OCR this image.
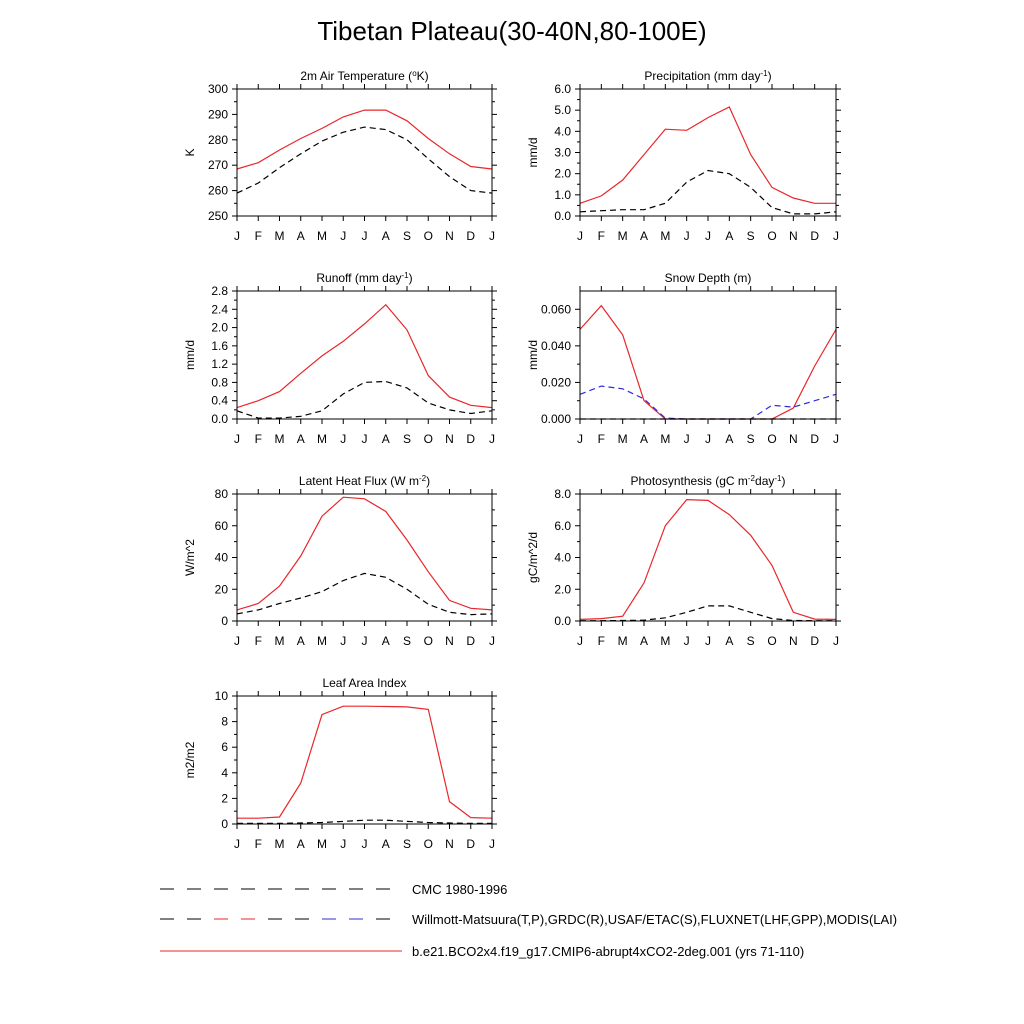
Tibetan Plateau(30-40N,80-100E)
2m Air Temperature ($^o$K)
K
250
260
270
280
290
300
J F M A M J J A S O N D J
Precipitation (mm day$^{-1}$)
mm/d
0.0
1.0
2.0
3.0
4.0
5.0
6.0
J F M A M J J A S O N D J
Runoff (mm day$^{-1}$)
mm/d
0.0
0.4
0.8
1.2
1.6
2.0
2.4
2.8
J F M A M J J A S O N D J
Snow Depth (m)
mm/d
0.000
0.020
0.040
0.060
J F M A M J J A S O N D J
Latent Heat Flux (W $m^{-2}$)
W/m^2
0
20
40
60
80
J F M A M J J A S O N D J
Photosynthesis (gC $m^{-2}day^{-1}$)
gC/m^2/d
0.0
2.0
4.0
6.0
8.0
J F M A M J J A S O N D J
Leaf Area Index
m2/m2
0
2
4
6
8
10
J F M A M J J A S O N D J
CMC 1980-1996
Willmott-Matsuura(T,P),GRDC(R),USAF/ETAC(S),FLUXNET(LHF,GPP),MODIS(LAI)
b.e21.BCO2x4.f19_g17.CMIP6-abrupt4xCO2-2deg.001 (yrs 71-110)
